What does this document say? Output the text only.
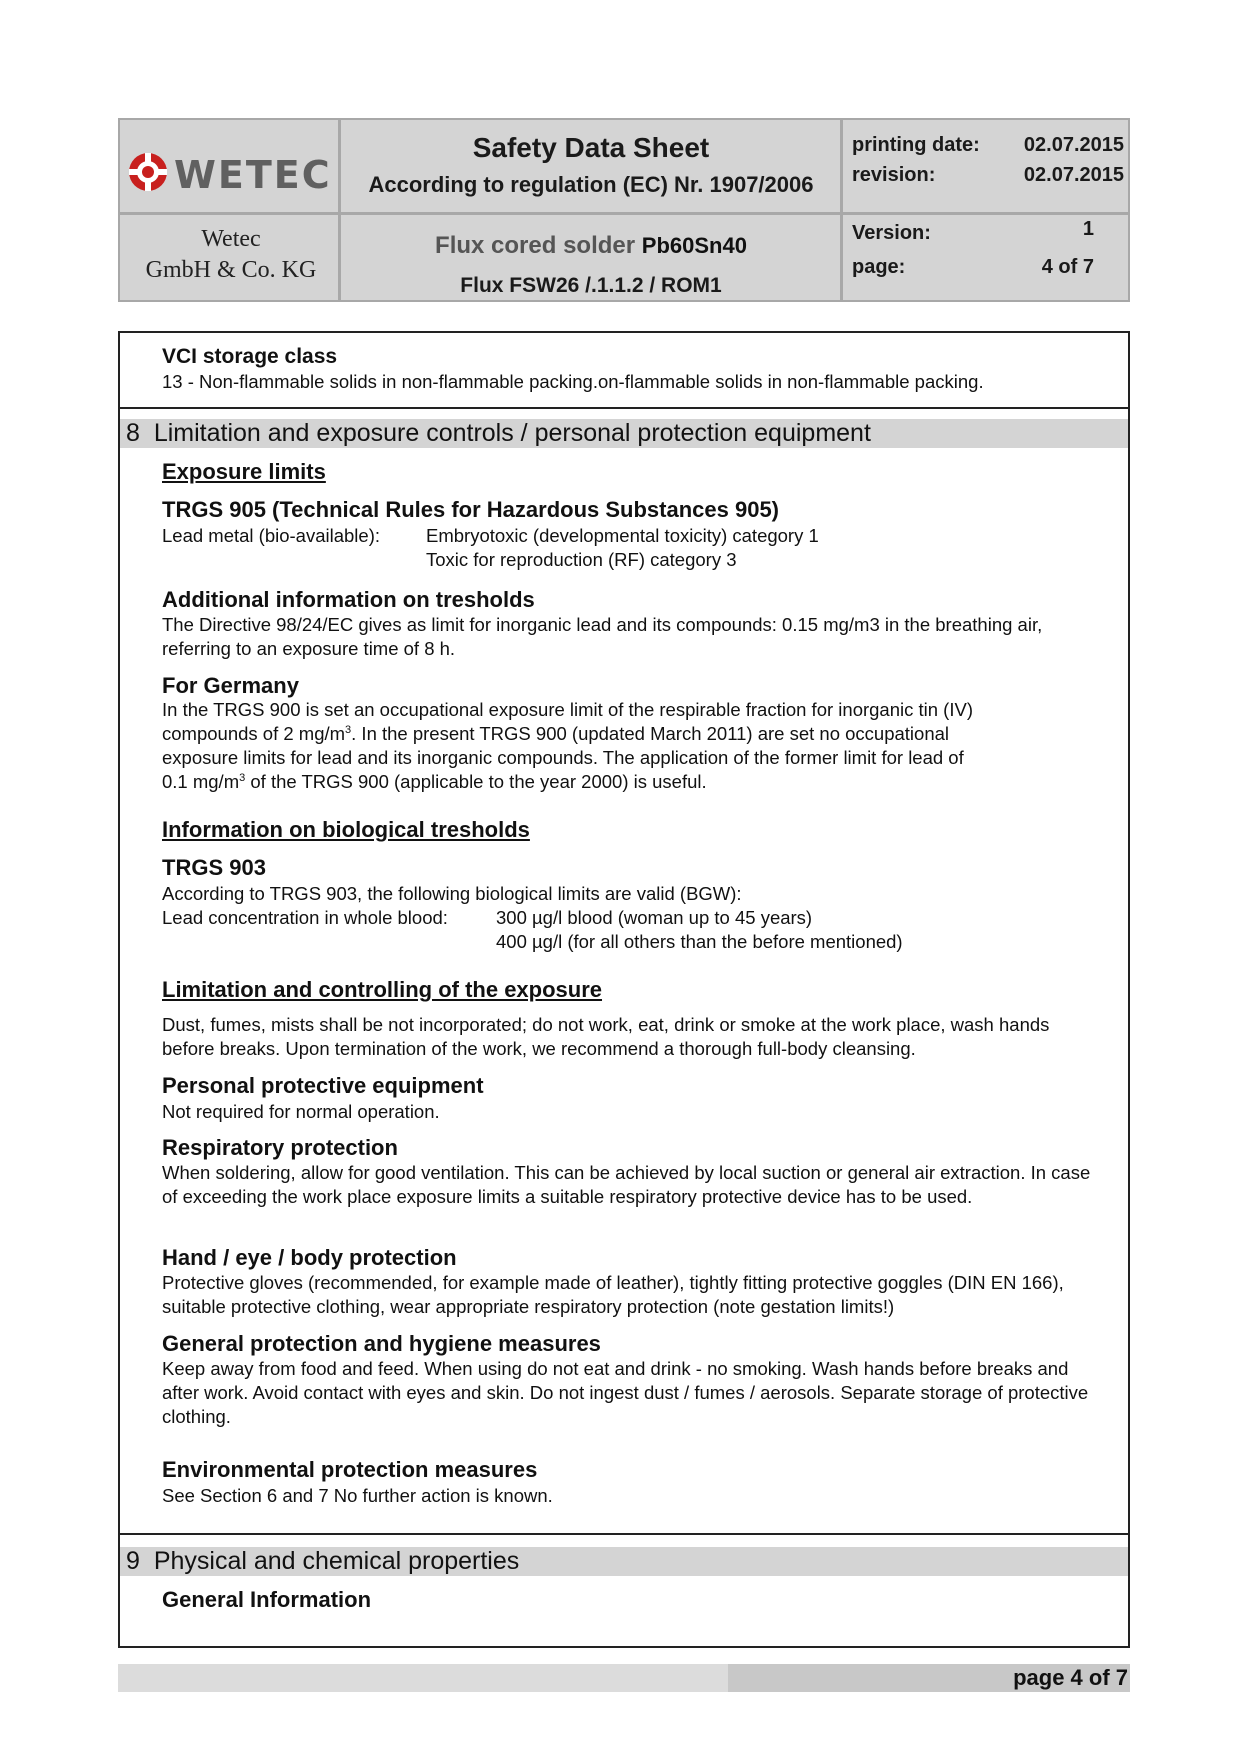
WETEC
Wetec
GmbH & Co. KG
Safety Data Sheet
According to regulation (EC) Nr. 1907/2006
Flux cored solder Pb60Sn40
Flux FSW26 /.1.1.2 / ROM1
printing date:	02.07.2015
revision:	02.07.2015
Version:	1
page:	4 of 7
VCI storage class
13 - Non-flammable solids in non-flammable packing.on-flammable solids in non-flammable packing.
8 Limitation and exposure controls / personal protection equipment
Exposure limits
TRGS 905 (Technical Rules for Hazardous Substances 905)
Lead metal (bio-available): Embryotoxic (developmental toxicity) category 1
Toxic for reproduction (RF) category 3
Additional information on tresholds
The Directive 98/24/EC gives as limit for inorganic lead and its compounds: 0.15 mg/m3 in the breathing air, referring to an exposure time of 8 h.
For Germany
In the TRGS 900 is set an occupational exposure limit of the respirable fraction for inorganic tin (IV)
compounds of 2 $mg/m^3$. In the present TRGS 900 (updated March 2011) are set no occupational
exposure limits for lead and its inorganic compounds. The application of the former limit for lead of
0.1 $mg/m^3$ of the TRGS 900 (applicable to the year 2000) is useful.
Information on biological tresholds
TRGS 903
According to TRGS 903, the following biological limits are valid (BGW):
Lead concentration in whole blood:	300 µg/l blood (woman up to 45 years)
400 µg/l (for all others than the before mentioned)
Limitation and controlling of the exposure
Dust, fumes, mists shall be not incorporated; do not work, eat, drink or smoke at the work place, wash hands before breaks. Upon termination of the work, we recommend a thorough full-body cleansing.
Personal protective equipment
Not required for normal operation.
Respiratory protection
When soldering, allow for good ventilation. This can be achieved by local suction or general air extraction. In case of exceeding the work place exposure limits a suitable respiratory protective device has to be used.
Hand / eye / body protection
Protective gloves (recommended, for example made of leather), tightly fitting protective goggles (DIN EN 166), suitable protective clothing, wear appropriate respiratory protection (note gestation limits!)
General protection and hygiene measures
Keep away from food and feed. When using do not eat and drink - no smoking. Wash hands before breaks and after work. Avoid contact with eyes and skin. Do not ingest dust / fumes / aerosols. Separate storage of protective clothing.
Environmental protection measures
See Section 6 and 7 No further action is known.
9 Physical and chemical properties
General Information
page 4 of 7
